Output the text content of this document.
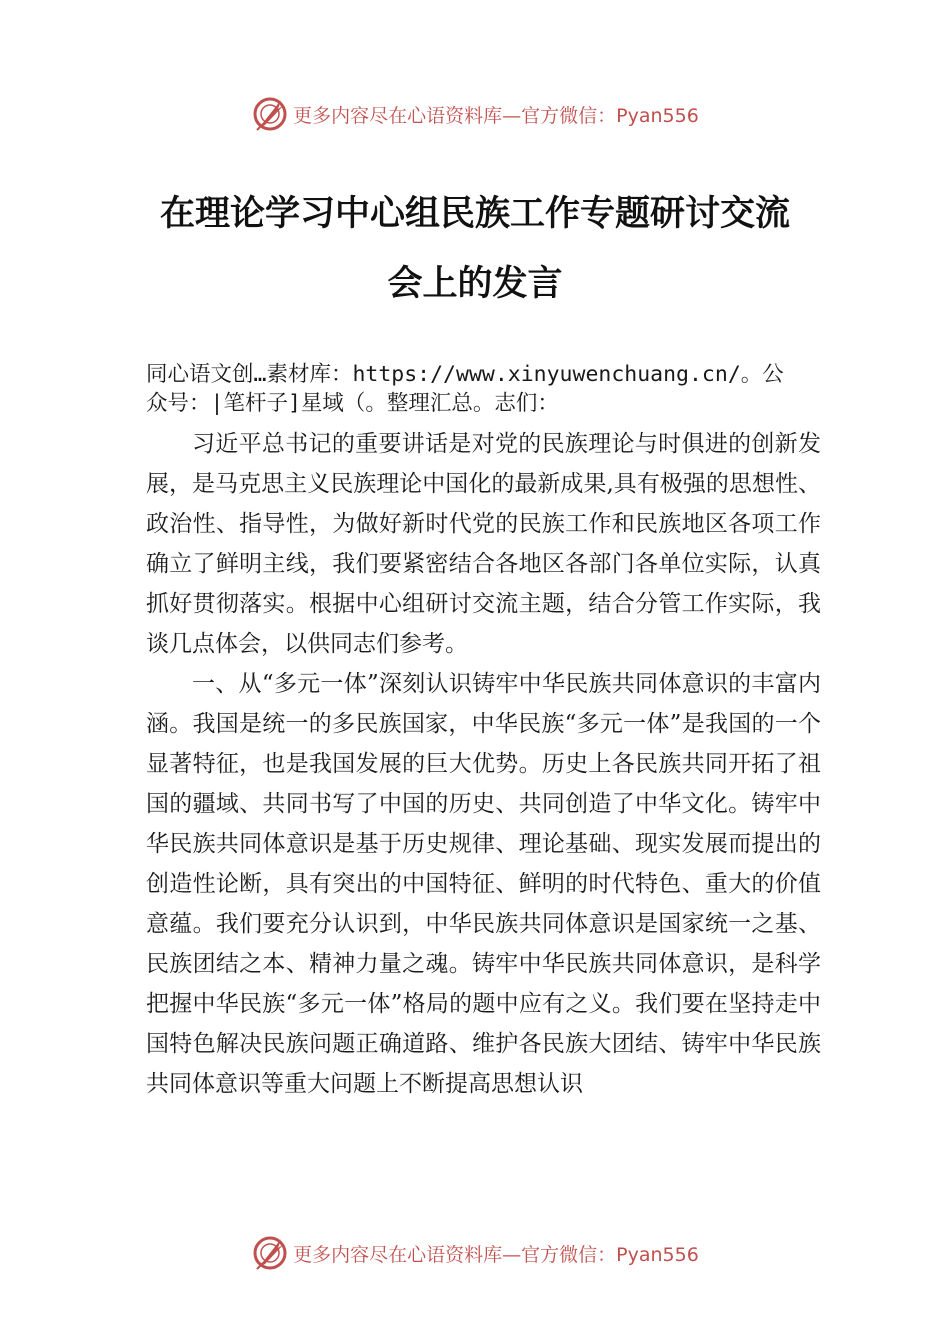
更多内容尽在心语资料库—官方微信：Pyan556
在理论学习中心组民族工作专题研讨交流
会上的发言
同心语文创…素材库：https://www.xinyuwenchuang.cn/。公
众号：|笔杆子]星域（。整理汇总。志们：

习近平总书记的重要讲话是对党的民族理论与时俱进的创新发展，是马克思主义民族理论中国化的最新成果,具有极强的思想性、政治性、指导性，为做好新时代党的民族工作和民族地区各项工作确立了鲜明主线，我们要紧密结合各地区各部门各单位实际，认真抓好贯彻落实。根据中心组研讨交流主题，结合分管工作实际，我谈几点体会，以供同志们参考。

一、从“多元一体”深刻认识铸牢中华民族共同体意识的丰富内涵。我国是统一的多民族国家，中华民族“多元一体”是我国的一个显著特征，也是我国发展的巨大优势。历史上各民族共同开拓了祖国的疆域、共同书写了中国的历史、共同创造了中华文化。铸牢中华民族共同体意识是基于历史规律、理论基础、现实发展而提出的创造性论断，具有突出的中国特征、鲜明的时代特色、重大的价值意蕴。我们要充分认识到，中华民族共同体意识是国家统一之基、民族团结之本、精神力量之魂。铸牢中华民族共同体意识，是科学把握中华民族“多元一体”格局的题中应有之义。我们要在坚持走中国特色解决民族问题正确道路、维护各民族大团结、铸牢中华民族共同体意识等重大问题上不断提高思想认识

更多内容尽在心语资料库—官方微信：Pyan556
